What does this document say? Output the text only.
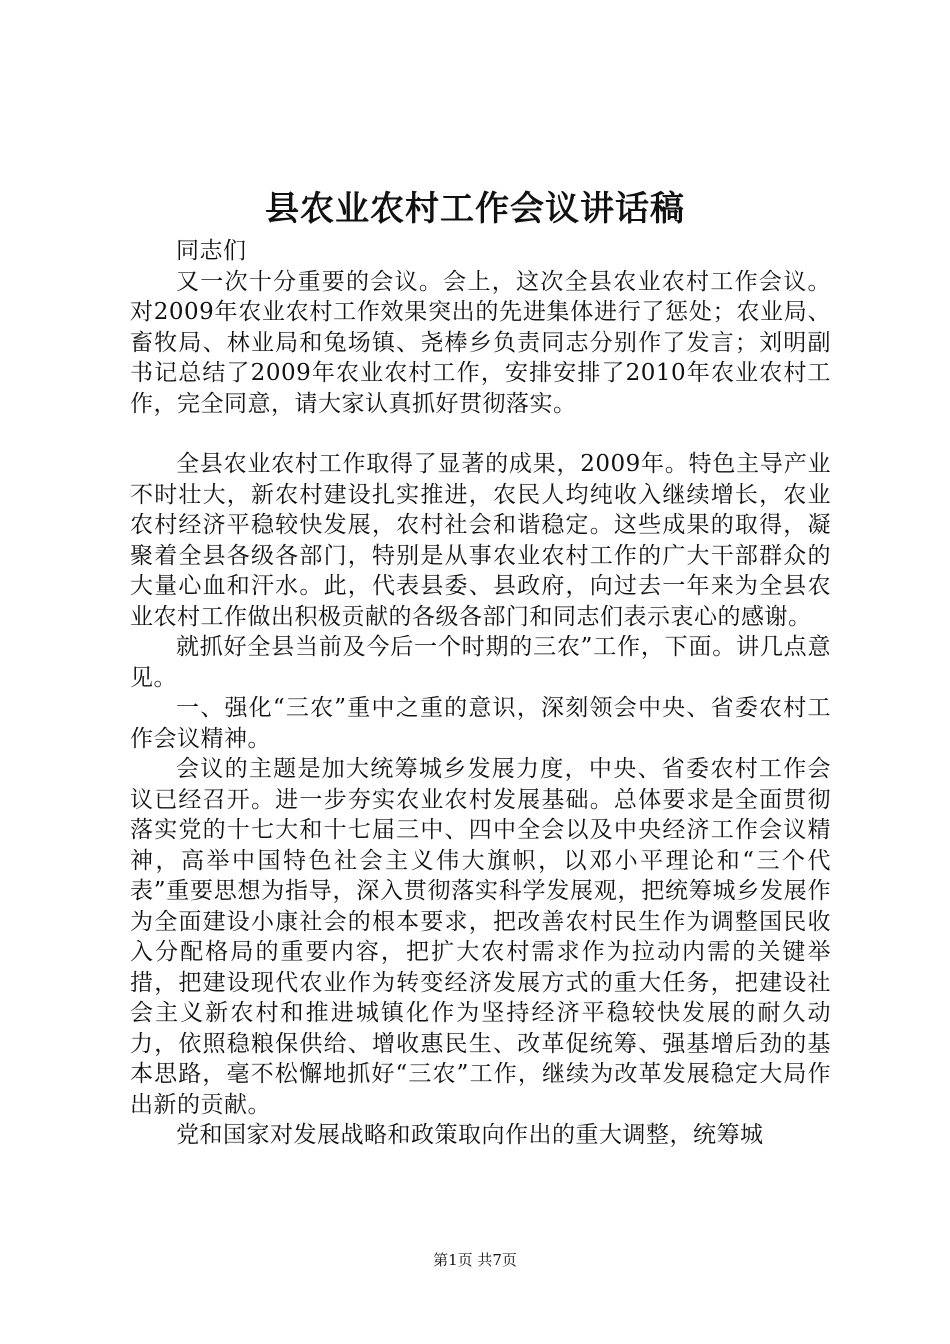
县农业农村工作会议讲话稿

同志们

又一次十分重要的会议。会上，这次全县农业农村工作会议。对2009年农业农村工作效果突出的先进集体进行了惩处；农业局、畜牧局、林业局和兔场镇、尧棒乡负责同志分别作了发言；刘明副书记总结了2009年农业农村工作，安排安排了2010年农业农村工作，完全同意，请大家认真抓好贯彻落实。

全县农业农村工作取得了显著的成果，2009年。特色主导产业不时壮大，新农村建设扎实推进，农民人均纯收入继续增长，农业农村经济平稳较快发展，农村社会和谐稳定。这些成果的取得，凝聚着全县各级各部门，特别是从事农业农村工作的广大干部群众的大量心血和汗水。此，代表县委、县政府，向过去一年来为全县农业农村工作做出积极贡献的各级各部门和同志们表示衷心的感谢。

就抓好全县当前及今后一个时期的三农”工作，下面。讲几点意见。

一、强化“三农”重中之重的意识，深刻领会中央、省委农村工作会议精神。

会议的主题是加大统筹城乡发展力度，中央、省委农村工作会议已经召开。进一步夯实农业农村发展基础。总体要求是全面贯彻落实党的十七大和十七届三中、四中全会以及中央经济工作会议精神，高举中国特色社会主义伟大旗帜，以邓小平理论和“三个代表”重要思想为指导，深入贯彻落实科学发展观，把统筹城乡发展作为全面建设小康社会的根本要求，把改善农村民生作为调整国民收入分配格局的重要内容，把扩大农村需求作为拉动内需的关键举措，把建设现代农业作为转变经济发展方式的重大任务，把建设社会主义新农村和推进城镇化作为坚持经济平稳较快发展的耐久动力，依照稳粮保供给、增收惠民生、改革促统筹、强基增后劲的基本思路，毫不松懈地抓好“三农”工作，继续为改革发展稳定大局作出新的贡献。

党和国家对发展战略和政策取向作出的重大调整，统筹城

第1页 共7页
